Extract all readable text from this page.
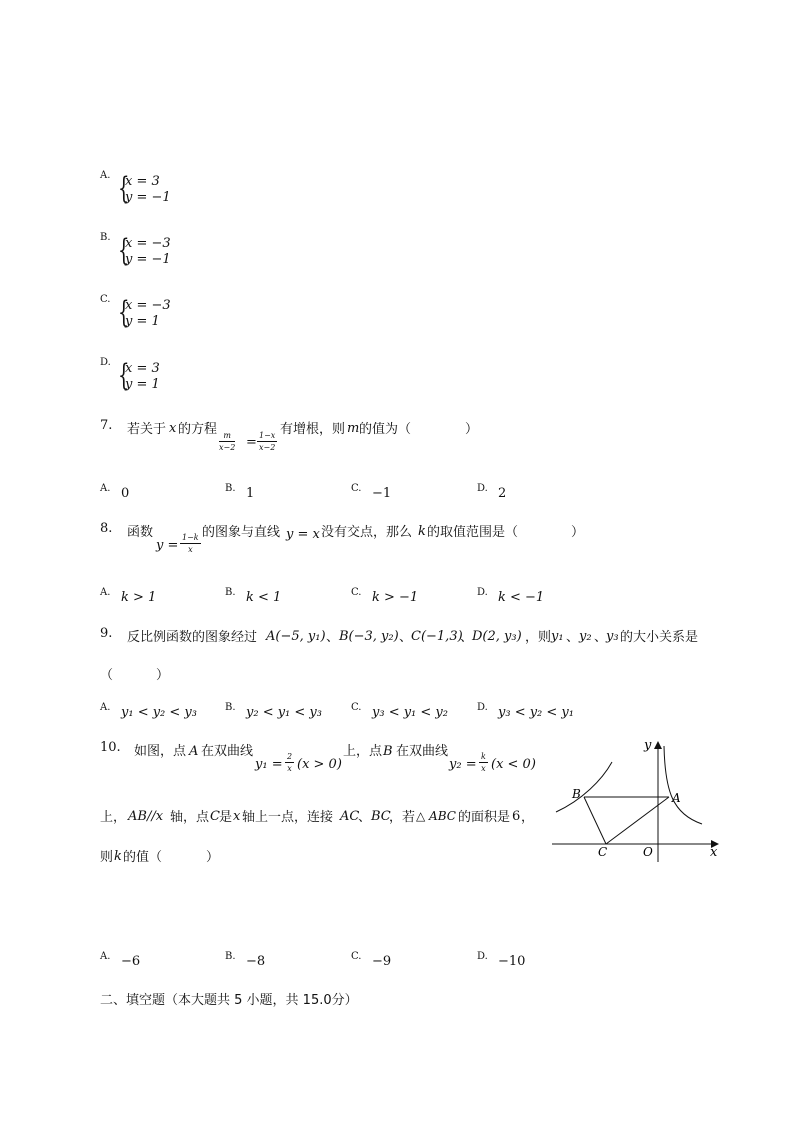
A. {
x = 3
y = −1
B. {
x = −3
y = −1
C. {
x = −3
y = 1
D. {
x = 3
y = 1
7. 若关于 x 的方程
$\frac{m}{x-2} = \frac{1-x}{x-2}$
有增根，则 m 的值为（	）
A. 0	B. 1	C. −1	D. 2
8. 函数
$y = \frac{1-k}{x}$ 的图象与直线 y = x 没有交点，那么 k 的取值范围是（	）
A. k > 1	B. k < 1	C. k > −1	D. k < −1
9. 反比例函数的图象经过 A(−5, y₁) 、 B(−3, y₂) 、
C(−1,3)
、
D(2, y₃) ，则 y₁ 、 y₂ 、
y₃ 的大小关系是
（	）
A. y₁ < y₂ < y₃	B. y₂ < y₁ < y₃	C. y₃ < y₁ < y₂	D. y₃ < y₂ < y₁
10. 如图，点 A 在双曲线
$y_1 = \frac{2}{x} (x > 0)$
上，点 B 在双曲线
$y_2 = \frac{k}{x} (x < 0)$
上， AB//x 轴，点 C 是 x 轴上一点，连接 AC
、 BC
，若 △ ABC 的面积是 6 ，
则 k 的值（	）
y
x
A
B
C	O
A. −6	B. −8	C. −9	D. −10
二、填空题（本大题共 5 小题，共 15.0分）
